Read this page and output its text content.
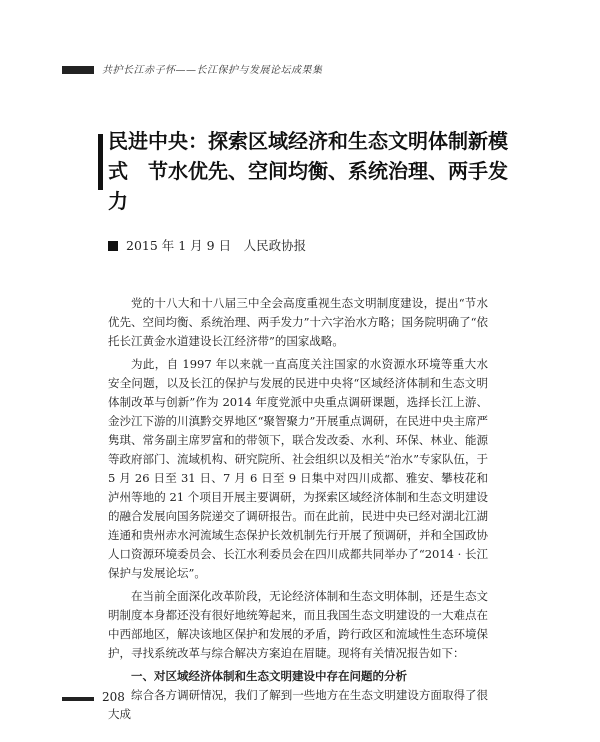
共护长江赤子怀——长江保护与发展论坛成果集
民进中央：探索区域经济和生态文明体制新模式　节水优先、空间均衡、系统治理、两手发力
2015 年 1 月 9 日　人民政协报

党的十八大和十八届三中全会高度重视生态文明制度建设，提出“节水优先、空间均衡、系统治理、两手发力”十六字治水方略；国务院明确了“依托长江黄金水道建设长江经济带”的国家战略。

为此，自 1997 年以来就一直高度关注国家的水资源水环境等重大水安全问题，以及长江的保护与发展的民进中央将“区域经济体制和生态文明体制改革与创新”作为 2014 年度党派中央重点调研课题，选择长江上游、金沙江下游的川滇黔交界地区“聚智聚力”开展重点调研，在民进中央主席严隽琪、常务副主席罗富和的带领下，联合发改委、水利、环保、林业、能源等政府部门、流域机构、研究院所、社会组织以及相关“治水”专家队伍，于 5 月 26 日至 31 日、7 月 6 日至 9 日集中对四川成都、雅安、攀枝花和泸州等地的 21 个项目开展主要调研，为探索区域经济体制和生态文明建设的融合发展向国务院递交了调研报告。而在此前，民进中央已经对湖北江湖连通和贵州赤水河流域生态保护长效机制先行开展了预调研，并和全国政协人口资源环境委员会、长江水利委员会在四川成都共同举办了“2014 · 长江保护与发展论坛”。

在当前全面深化改革阶段，无论经济体制和生态文明体制，还是生态文明制度本身都还没有很好地统筹起来，而且我国生态文明建设的一大难点在中西部地区，解决该地区保护和发展的矛盾，跨行政区和流域性生态环境保护，寻找系统改革与综合解决方案迫在眉睫。现将有关情况报告如下：

一、对区域经济体制和生态文明建设中存在问题的分析

综合各方调研情况，我们了解到一些地方在生态文明建设方面取得了很大成

208
